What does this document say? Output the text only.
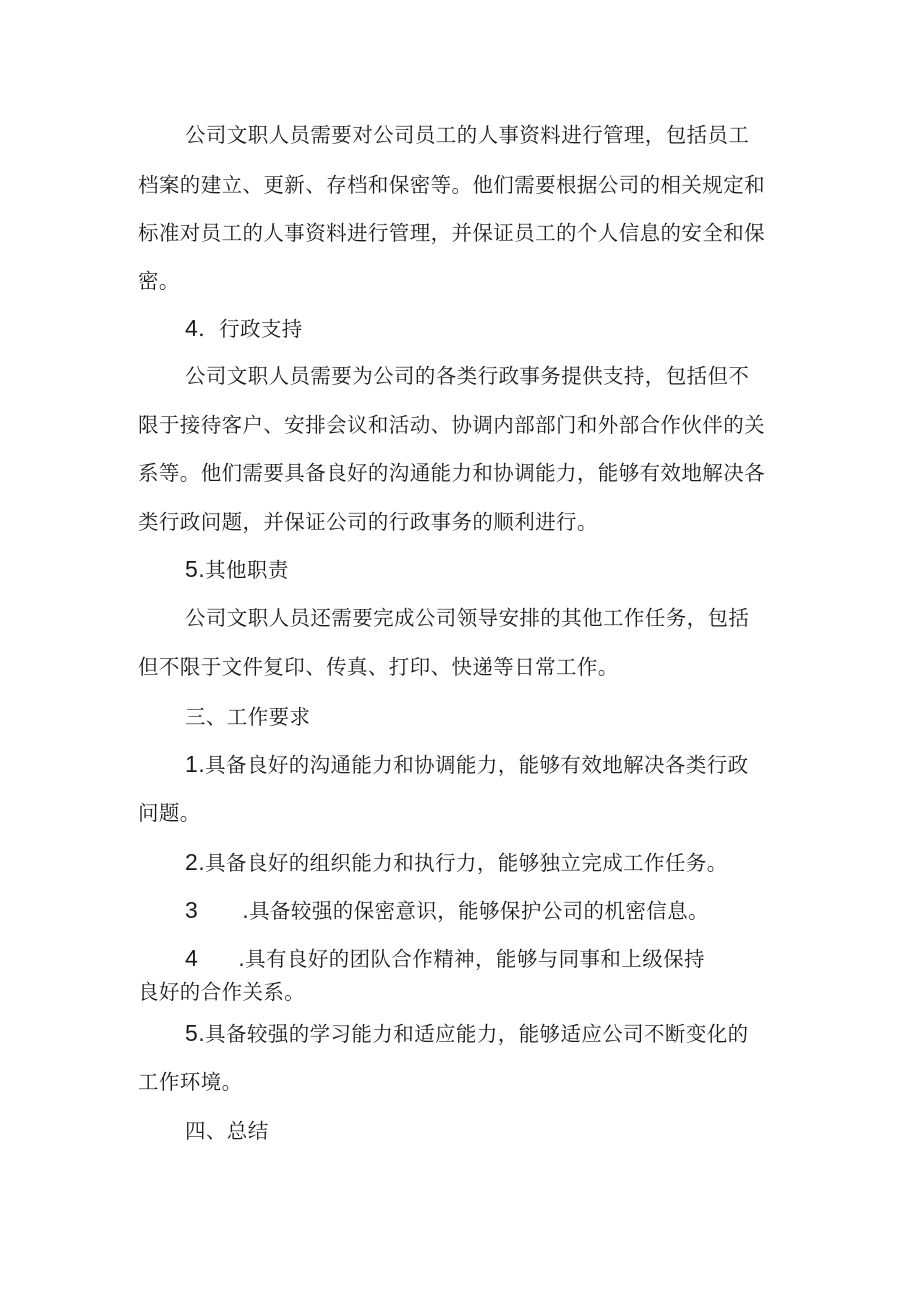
公司文职人员需要对公司员工的人事资料进行管理，包括员工
档案的建立、更新、存档和保密等。他们需要根据公司的相关规定和
标准对员工的人事资料进行管理，并保证员工的个人信息的安全和保
密。
4．行政支持
公司文职人员需要为公司的各类行政事务提供支持，包括但不
限于接待客户、安排会议和活动、协调内部部门和外部合作伙伴的关
系等。他们需要具备良好的沟通能力和协调能力，能够有效地解决各
类行政问题，并保证公司的行政事务的顺利进行。
5.其他职责
公司文职人员还需要完成公司领导安排的其他工作任务，包括
但不限于文件复印、传真、打印、快递等日常工作。
三、工作要求
1.具备良好的沟通能力和协调能力，能够有效地解决各类行政
问题。
2.具备良好的组织能力和执行力，能够独立完成工作任务。
3 .具备较强的保密意识，能够保护公司的机密信息。
4 .具有良好的团队合作精神，能够与同事和上级保持
良好的合作关系。
5.具备较强的学习能力和适应能力，能够适应公司不断变化的
工作环境。
四、总结
